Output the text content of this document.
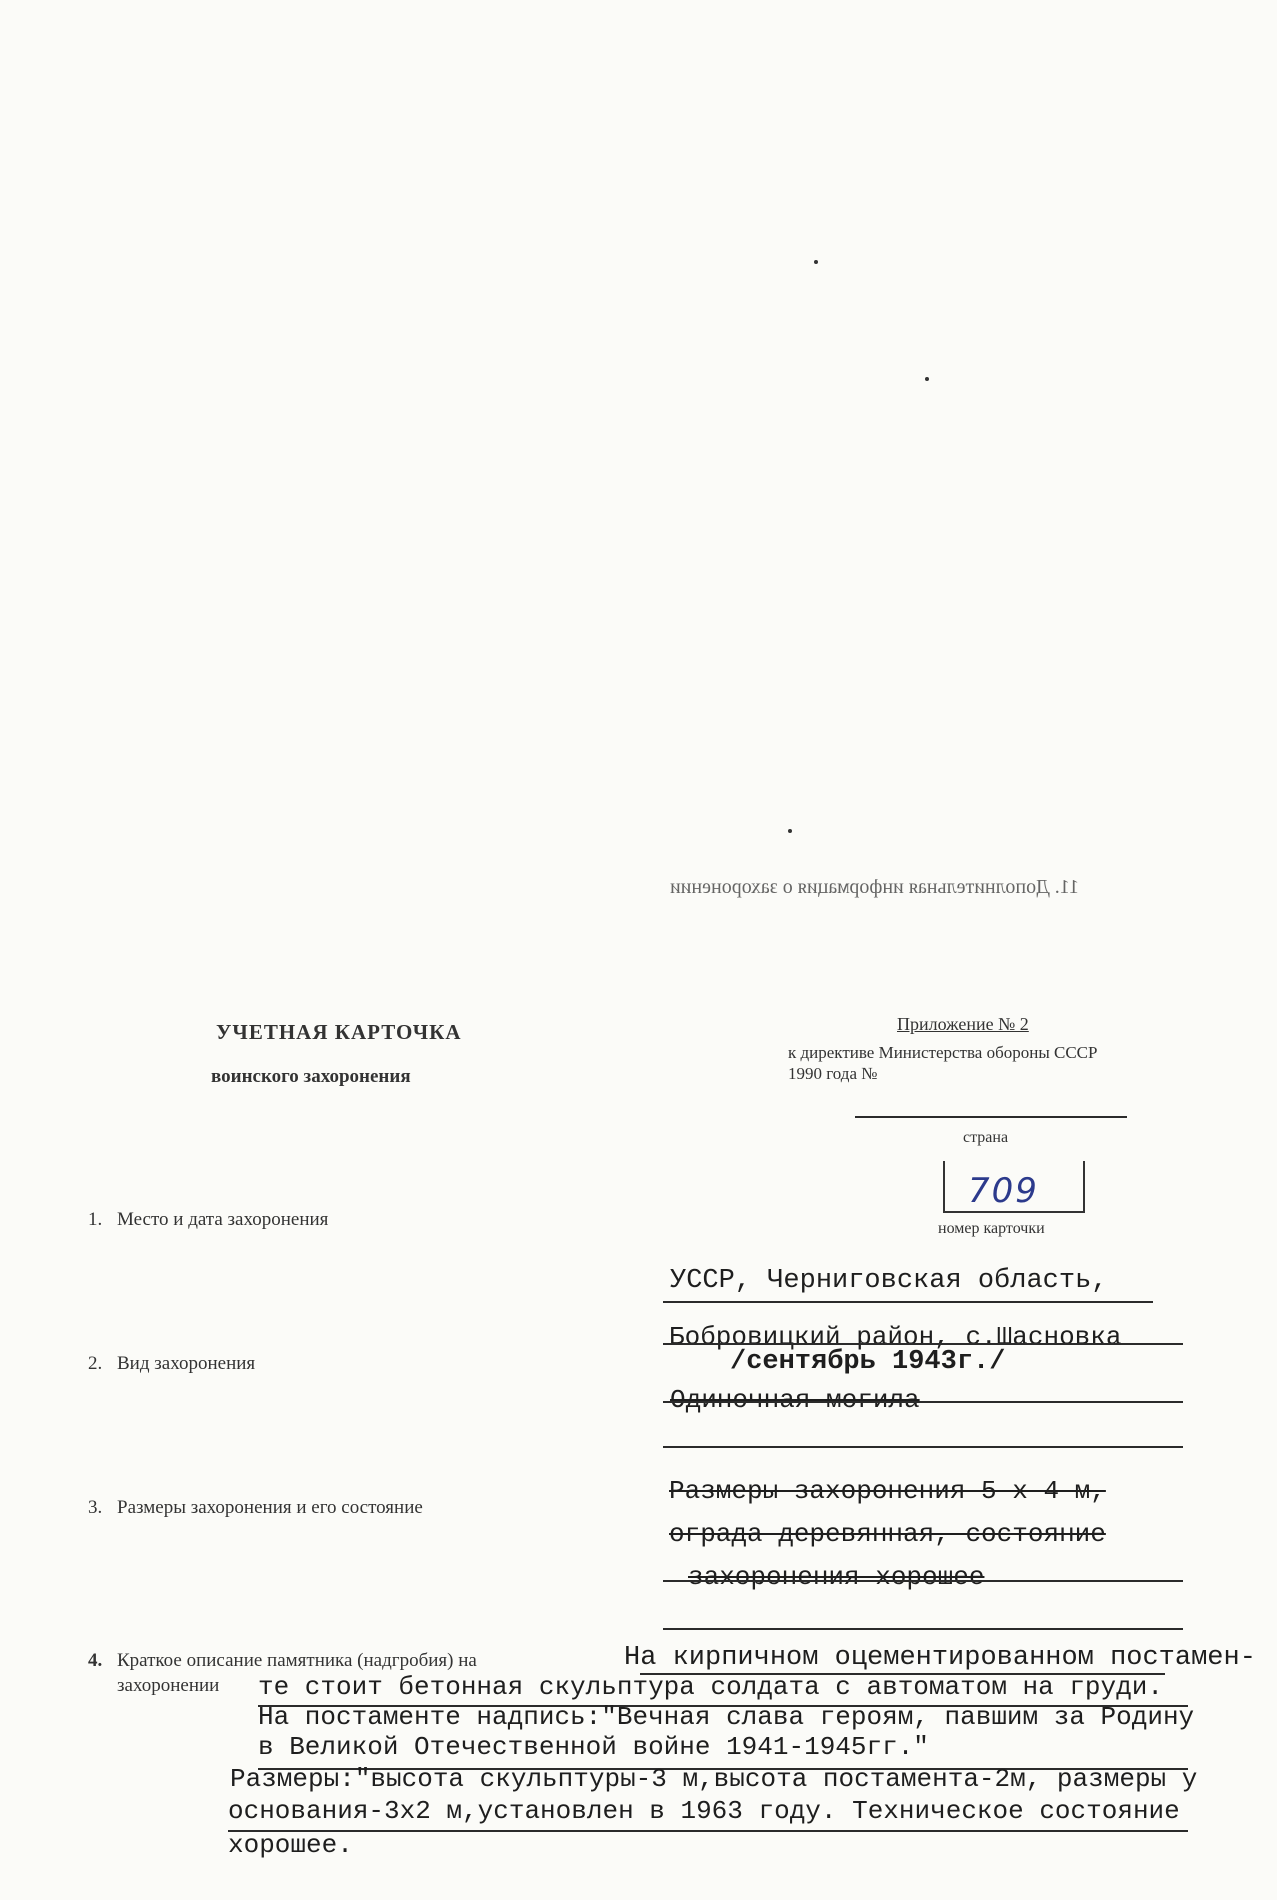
11. Дополнительная информация о захоронении
УЧЕТНАЯ КАРТОЧКА
воинского захоронения
Приложение № 2
к директиве Министерства обороны СССР
1990 года №
страна
709
номер карточки
1. Место и дата захоронения
УССР, Черниговская область,
Бобровицкий район, с.Шасновка
/сентябрь 1943г./
2. Вид захоронения
Одиночная могила
3. Размеры захоронения и его состояние
Размеры захоронения 5 х 4 м,
ограда деревянная, состояние
захоронения хорошее
4. Краткое описание памятника (надгробия) на
захоронении
На кирпичном оцементированном постамен-
те стоит бетонная скульптура солдата с автоматом на груди.
На постаменте надпись:"Вечная слава героям, павшим за Родину
в Великой Отечественной войне 1941-1945гг."
Размеры:"высота скульптуры-3 м,высота постамента-2м, размеры у
основания-3х2 м,установлен в 1963 году. Техническое состояние
хорошее.
